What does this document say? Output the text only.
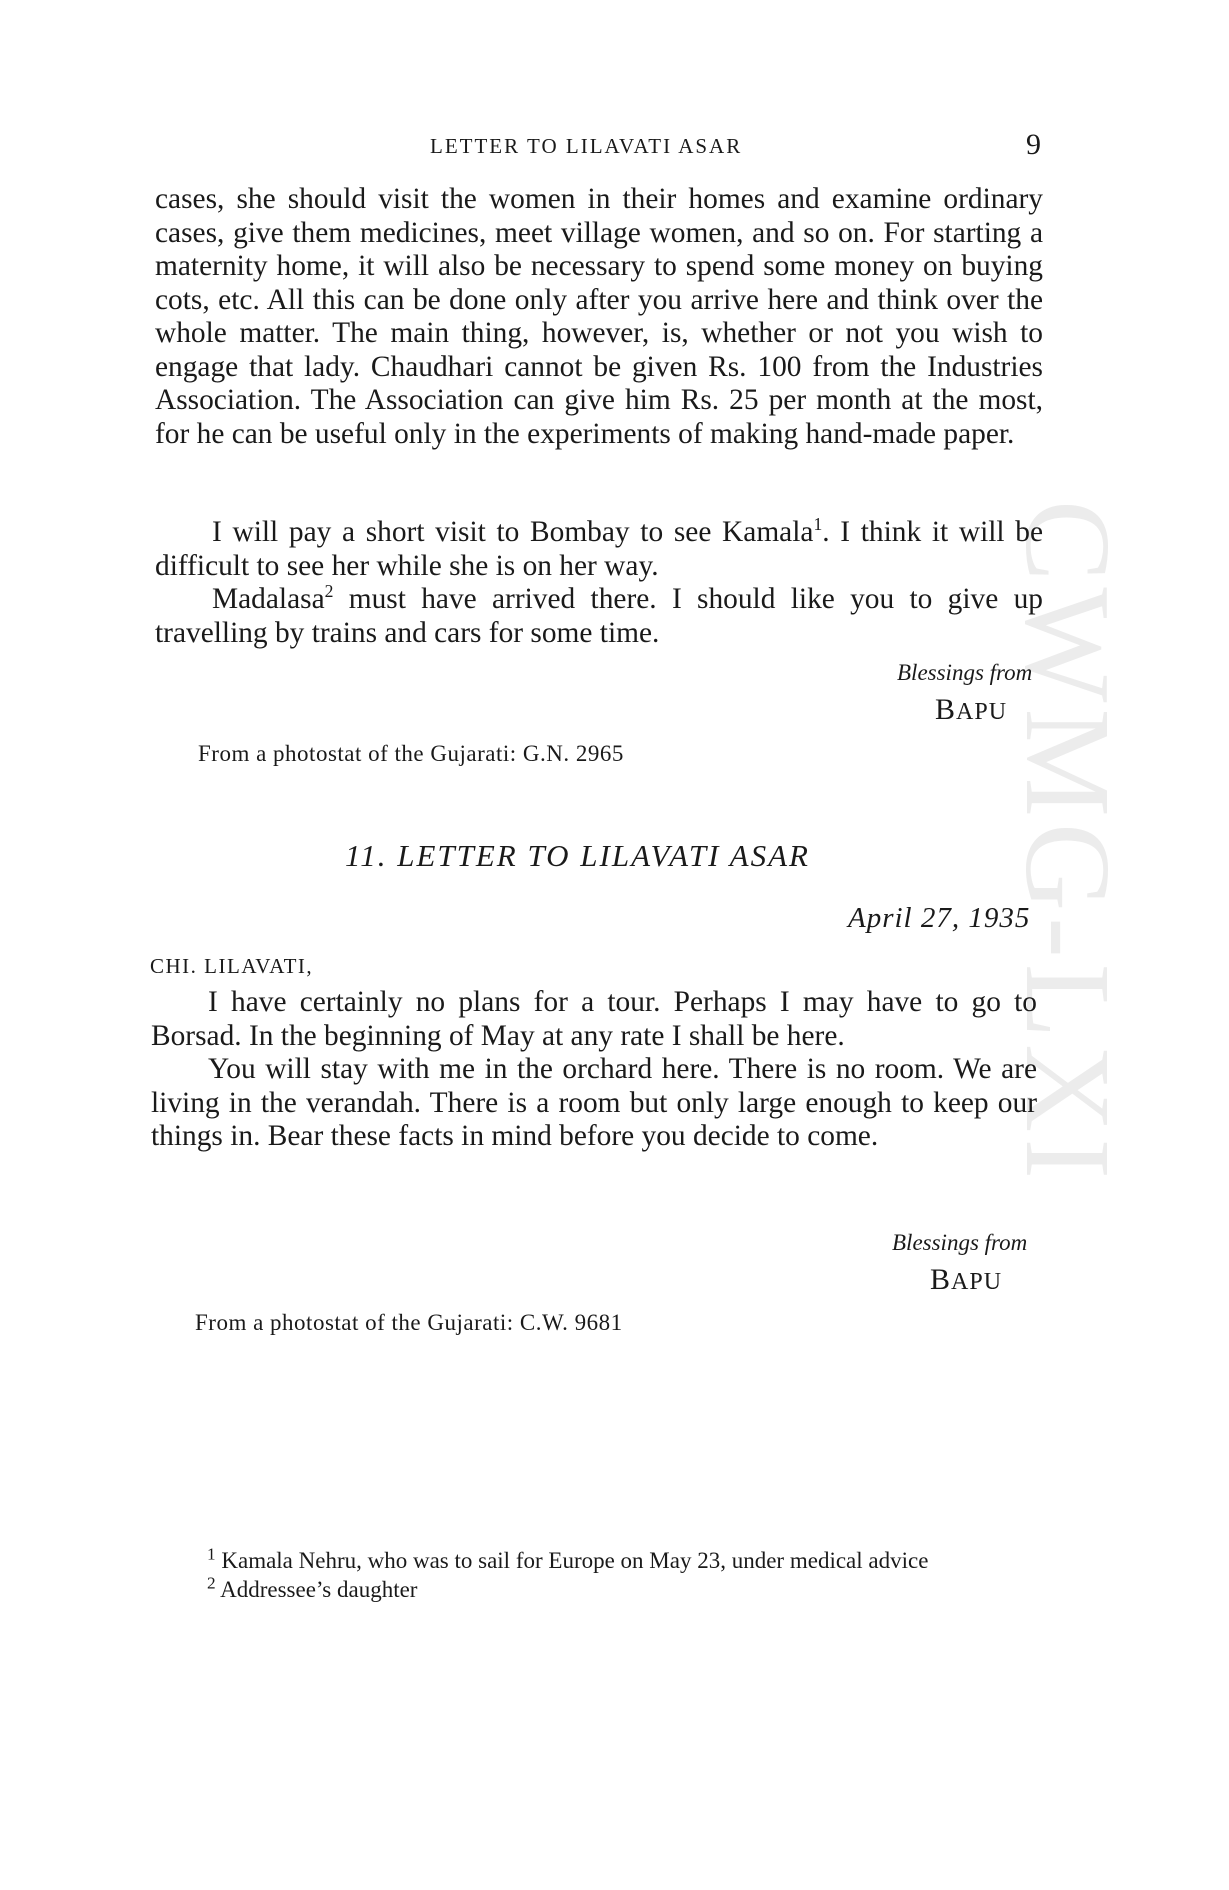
CWMG-LXI
LETTER TO LILAVATI ASAR	9

cases, she should visit the women in their homes and examine ordinary cases, give them medicines, meet village women, and so on. For starting a maternity home, it will also be necessary to spend some money on buying cots, etc. All this can be done only after you arrive here and think over the whole matter. The main thing, however, is, whether or not you wish to engage that lady. Chaudhari cannot be given Rs. 100 from the Industries Association. The Association can give him Rs. 25 per month at the most, for he can be useful only in the experiments of making hand-made paper.

I will pay a short visit to Bombay to see Kamala$^1$. I think it will be difficult to see her while she is on her way.

Madalasa$^2$ must have arrived there. I should like you to give up travelling by trains and cars for some time.

Blessings from
BAPU
From a photostat of the Gujarati: G.N. 2965
11. LETTER TO LILAVATI ASAR
April 27, 1935
CHI. LILAVATI,

I have certainly no plans for a tour. Perhaps I may have to go to Borsad. In the beginning of May at any rate I shall be here.

You will stay with me in the orchard here. There is no room. We are living in the verandah. There is a room but only large enough to keep our things in. Bear these facts in mind before you decide to come.

Blessings from
BAPU
From a photostat of the Gujarati: C.W. 9681

$^1$ Kamala Nehru, who was to sail for Europe on May 23, under medical advice

$^2$ Addressee’s daughter
